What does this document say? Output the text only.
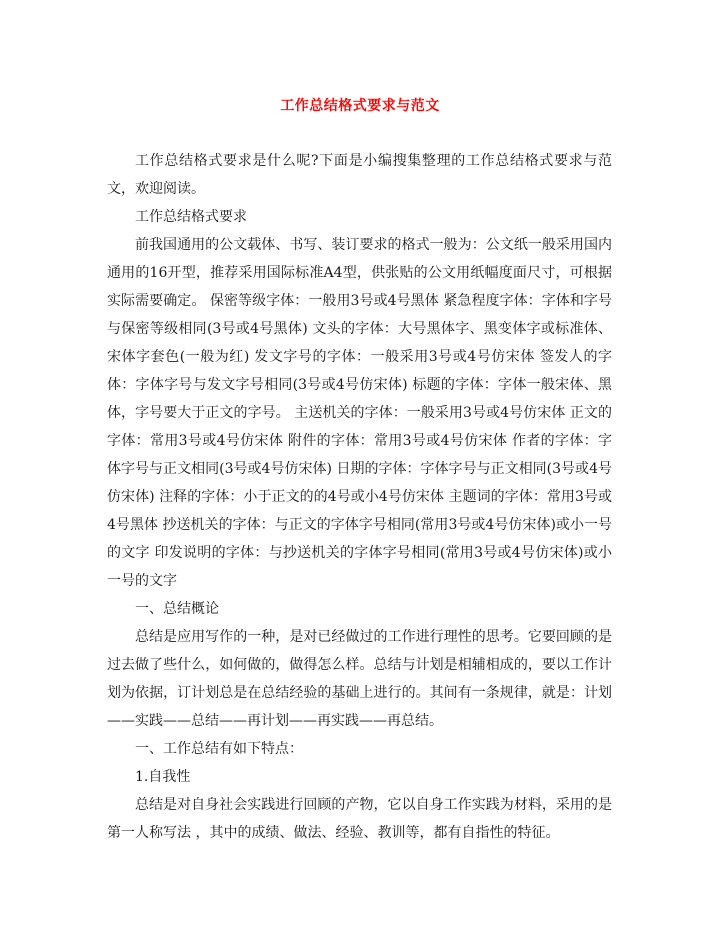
工作总结格式要求与范文

工作总结格式要求是什么呢?下面是小编搜集整理的工作总结格式要求与范文，欢迎阅读。

工作总结格式要求

前我国通用的公文载体、书写、装订要求的格式一般为：公文纸一般采用国内通用的16开型，推荐采用国际标准A4型，供张贴的公文用纸幅度面尺寸，可根据实际需要确定。 保密等级字体：一般用3号或4号黑体 紧急程度字体：字体和字号与保密等级相同(3号或4号黑体) 文头的字体：大号黑体字、黑变体字或标准体、宋体字套色(一般为红) 发文字号的字体：一般采用3号或4号仿宋体 签发人的字体：字体字号与发文字号相同(3号或4号仿宋体) 标题的字体：字体一般宋体、黑体，字号要大于正文的字号。 主送机关的字体：一般采用3号或4号仿宋体 正文的字体：常用3号或4号仿宋体 附件的字体：常用3号或4号仿宋体 作者的字体：字体字号与正文相同(3号或4号仿宋体) 日期的字体：字体字号与正文相同(3号或4号仿宋体) 注释的字体：小于正文的的4号或小4号仿宋体 主题词的字体：常用3号或4号黑体 抄送机关的字体：与正文的字体字号相同(常用3号或4号仿宋体)或小一号的文字 印发说明的字体：与抄送机关的字体字号相同(常用3号或4号仿宋体)或小一号的文字

一、总结概论

总结是应用写作的一种，是对已经做过的工作进行理性的思考。它要回顾的是过去做了些什么，如何做的，做得怎么样。总结与计划是相辅相成的，要以工作计划为依据，订计划总是在总结经验的基础上进行的。其间有一条规律，就是：计划——实践——总结——再计划——再实践——再总结。

一、工作总结有如下特点：

1.自我性

总结是对自身社会实践进行回顾的产物，它以自身工作实践为材料，采用的是第一人称写法 ，其中的成绩、做法、经验、教训等，都有自指性的特征。
